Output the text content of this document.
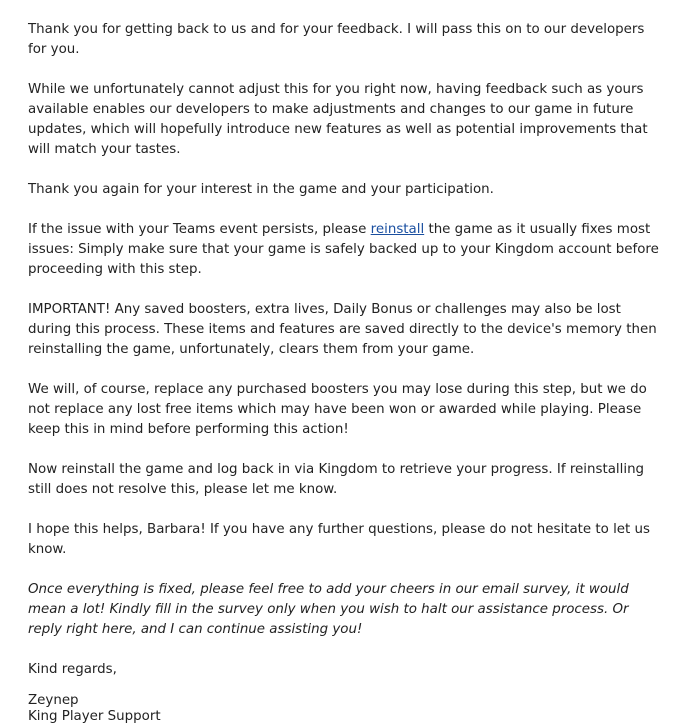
Thank you for getting back to us and for your feedback. I will pass this on to our developers for you.

While we unfortunately cannot adjust this for you right now, having feedback such as yours available enables our developers to make adjustments and changes to our game in future updates, which will hopefully introduce new features as well as potential improvements that will match your tastes.

Thank you again for your interest in the game and your participation.

If the issue with your Teams event persists, please reinstall the game as it usually fixes most issues: Simply make sure that your game is safely backed up to your Kingdom account before proceeding with this step.

IMPORTANT! Any saved boosters, extra lives, Daily Bonus or challenges may also be lost during this process. These items and features are saved directly to the device's memory then reinstalling the game, unfortunately, clears them from your game.

We will, of course, replace any purchased boosters you may lose during this step, but we do not replace any lost free items which may have been won or awarded while playing. Please keep this in mind before performing this action!

Now reinstall the game and log back in via Kingdom to retrieve your progress. If reinstalling still does not resolve this, please let me know.

I hope this helps, Barbara! If you have any further questions, please do not hesitate to let us know.

Once everything is fixed, please feel free to add your cheers in our email survey, it would mean a lot! Kindly fill in the survey only when you wish to halt our assistance process. Or reply right here, and I can continue assisting you!

Kind regards,

Zeynep
King Player Support
